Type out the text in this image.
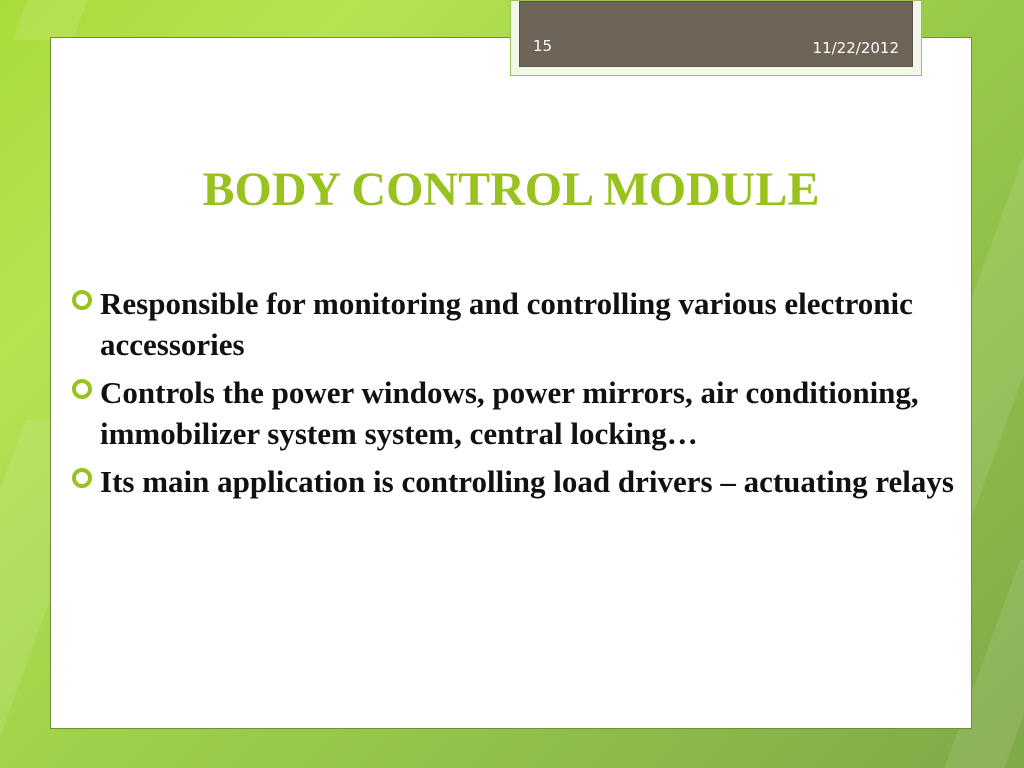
15	11/22/2012
BODY CONTROL MODULE
Responsible for monitoring and controlling various electronic accessories
Controls the power windows, power mirrors, air conditioning, immobilizer system system, central locking…
Its main application is controlling load drivers – actuating relays
